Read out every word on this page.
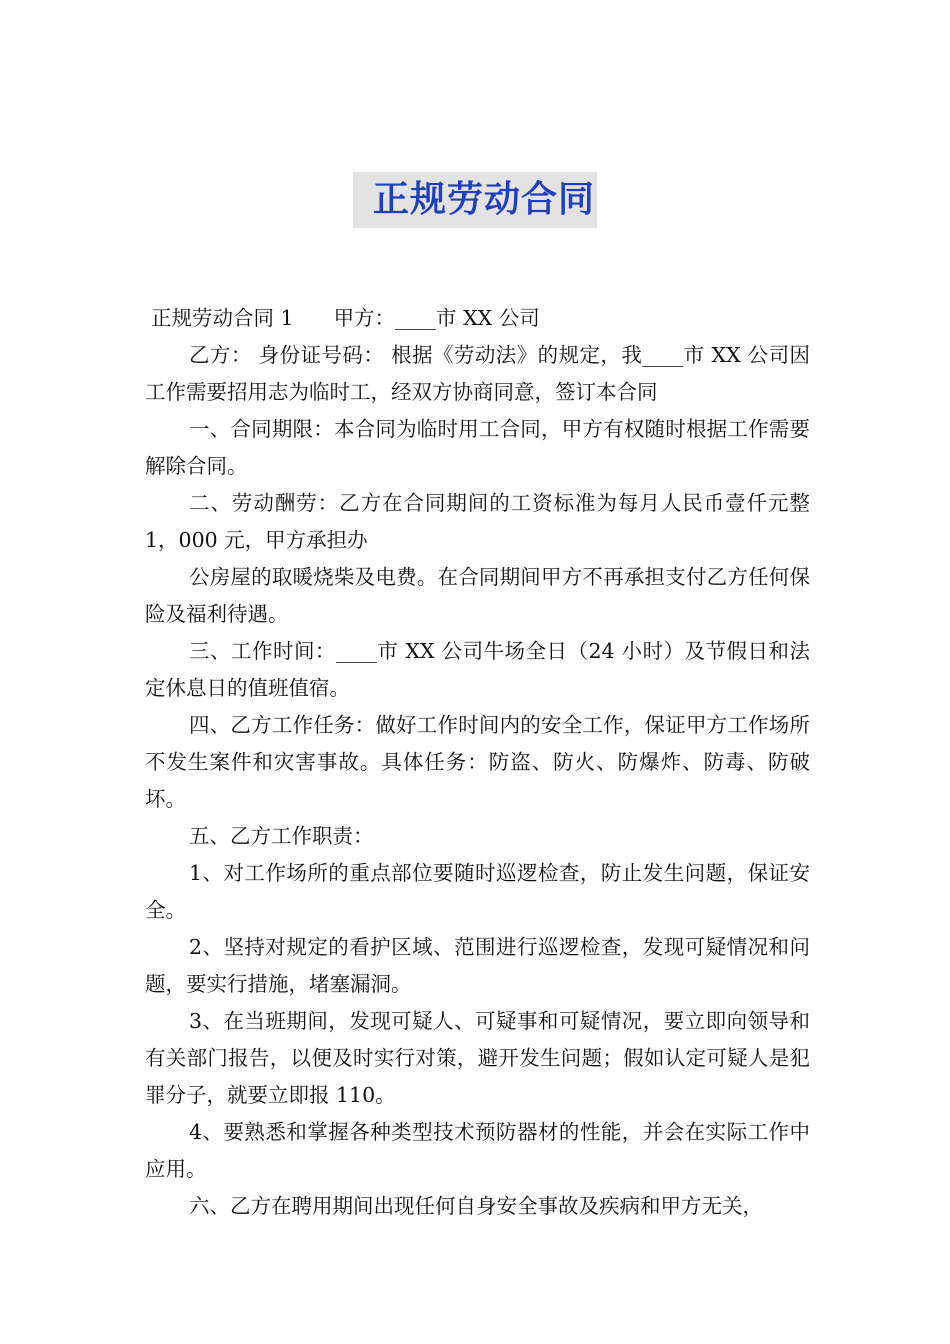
正规劳动合同

正规劳动合同 1 甲方：____市 XX 公司

乙方： 身份证号码： 根据《劳动法》的规定，我____市 XX 公司因工作需要招用志为临时工，经双方协商同意，签订本合同

一、合同期限：本合同为临时用工合同，甲方有权随时根据工作需要解除合同。

二、劳动酬劳：乙方在合同期间的工资标准为每月人民币壹仟元整 1，000 元，甲方承担办

公房屋的取暖烧柴及电费。在合同期间甲方不再承担支付乙方任何保险及福利待遇。

三、工作时间：____市 XX 公司牛场全日（24 小时）及节假日和法定休息日的值班值宿。

四、乙方工作任务：做好工作时间内的安全工作，保证甲方工作场所不发生案件和灾害事故。具体任务：防盗、防火、防爆炸、防毒、防破坏。

五、乙方工作职责：

1、对工作场所的重点部位要随时巡逻检查，防止发生问题，保证安全。

2、坚持对规定的看护区域、范围进行巡逻检查，发现可疑情况和问题，要实行措施，堵塞漏洞。

3、在当班期间，发现可疑人、可疑事和可疑情况，要立即向领导和有关部门报告，以便及时实行对策，避开发生问题；假如认定可疑人是犯罪分子，就要立即报 110。

4、要熟悉和掌握各种类型技术预防器材的性能，并会在实际工作中应用。

六、乙方在聘用期间出现任何自身安全事故及疾病和甲方无关，
